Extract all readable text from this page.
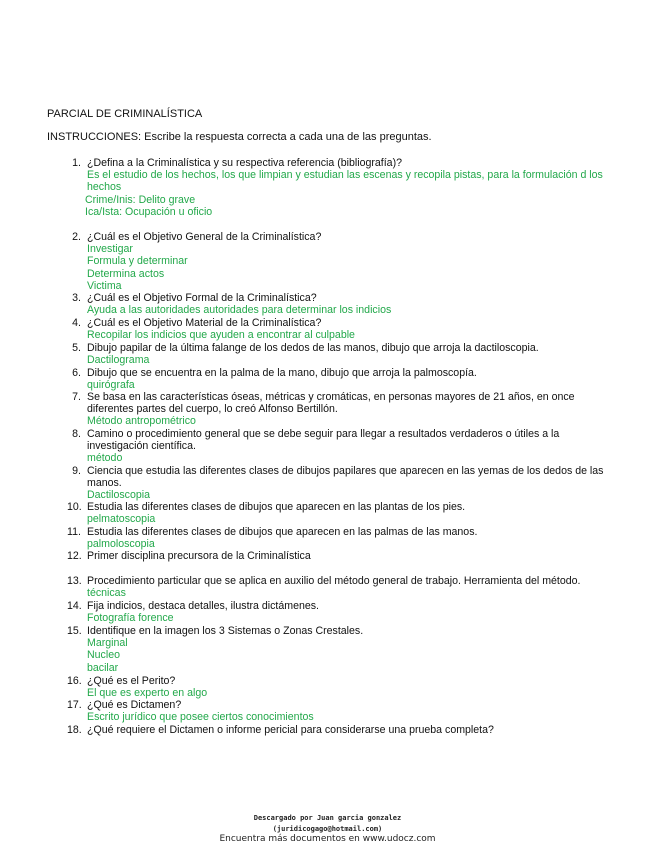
PARCIAL DE CRIMINALÍSTICA
INSTRUCCIONES: Escribe la respuesta correcta a cada una de las preguntas.
1. ¿Defina a la Criminalística y su respectiva referencia (bibliografía)?
Es el estudio de los hechos, los que limpian y estudian las escenas y recopila pistas, para la formulación d los hechos
Crime/Inis: Delito grave
Ica/Ista: Ocupación u oficio
2. ¿Cuál es el Objetivo General de la Criminalística?
Investigar
Formula y determinar
Determina actos
Victima
3. ¿Cuál es el Objetivo Formal de la Criminalística?
Ayuda a las autoridades autoridades para determinar los indicios
4. ¿Cuál es el Objetivo Material de la Criminalística?
Recopilar los indicios que ayuden a encontrar al culpable
5. Dibujo papilar de la última falange de los dedos de las manos, dibujo que arroja la dactiloscopia.
Dactilograma
6. Dibujo que se encuentra en la palma de la mano, dibujo que arroja la palmoscopía.
quirógrafa
7. Se basa en las características óseas, métricas y cromáticas, en personas mayores de 21 años, en once diferentes partes del cuerpo, lo creó Alfonso Bertillón.
Método antropométrico
8. Camino o procedimiento general que se debe seguir para llegar a resultados verdaderos o útiles a la investigación científica.
método
9. Ciencia que estudia las diferentes clases de dibujos papilares que aparecen en las yemas de los dedos de las manos.
Dactiloscopia
10. Estudia las diferentes clases de dibujos que aparecen en las plantas de los pies.
pelmatoscopia
11. Estudia las diferentes clases de dibujos que aparecen en las palmas de las manos.
palmoloscopia
12. Primer disciplina precursora de la Criminalística
13. Procedimiento particular que se aplica en auxilio del método general de trabajo. Herramienta del método.
técnicas
14. Fija indicios, destaca detalles, ilustra dictámenes.
Fotografía forence
15. Identifique en la imagen los 3 Sistemas o Zonas Crestales.
Marginal
Nucleo
bacilar
16. ¿Qué es el Perito?
El que es experto en algo
17. ¿Qué es Dictamen?
Escrito jurídico que posee ciertos conocimientos
18. ¿Qué requiere el Dictamen o informe pericial para considerarse una prueba completa?
Descargado por Juan garcia gonzalez
(juridicogago@hotmail.com)
Encuentra más documentos en www.udocz.com
